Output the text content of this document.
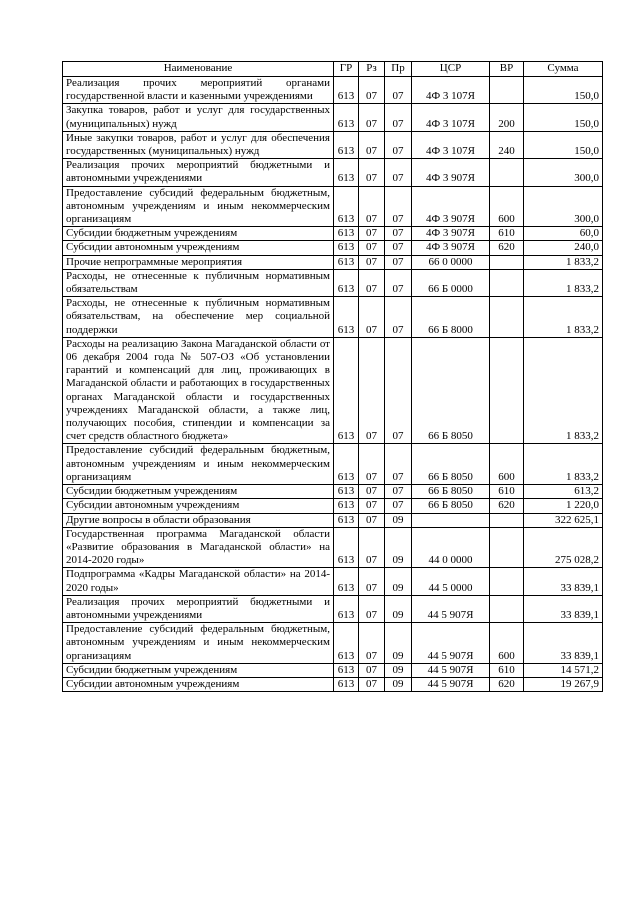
Наименование	ГР	Рз	Пр	ЦСР	ВР	Сумма
Реализация прочих мероприятий органами государственной власти и казенными учреждениями	613	07	07	4Ф 3 107Я		150,0
Закупка товаров, работ и услуг для государственных (муниципальных) нужд	613	07	07	4Ф 3 107Я	200	150,0
Иные закупки товаров, работ и услуг для обеспечения государственных (муниципальных) нужд	613	07	07	4Ф 3 107Я	240	150,0
Реализация прочих мероприятий бюджетными и автономными учреждениями	613	07	07	4Ф 3 907Я		300,0
Предоставление субсидий федеральным бюджетным, автономным учреждениям и иным некоммерческим организациям	613	07	07	4Ф 3 907Я	600	300,0
Субсидии бюджетным учреждениям	613	07	07	4Ф 3 907Я	610	60,0
Субсидии автономным учреждениям	613	07	07	4Ф 3 907Я	620	240,0
Прочие непрограммные мероприятия	613	07	07	66 0 0000		1 833,2
Расходы, не отнесенные к публичным нормативным обязательствам	613	07	07	66 Б 0000		1 833,2
Расходы, не отнесенные к публичным нормативным обязательствам, на обеспечение мер социальной поддержки	613	07	07	66 Б 8000		1 833,2
Расходы на реализацию Закона Магаданской области от 06 декабря 2004 года № 507-ОЗ «Об установлении гарантий и компенсаций для лиц, проживающих в Магаданской области и работающих в государственных органах Магаданской области и государственных учреждениях Магаданской области, а также лиц, получающих пособия, стипендии и компенсации за счет средств областного бюджета»	613	07	07	66 Б 8050		1 833,2
Предоставление субсидий федеральным бюджетным, автономным учреждениям и иным некоммерческим организациям	613	07	07	66 Б 8050	600	1 833,2
Субсидии бюджетным учреждениям	613	07	07	66 Б 8050	610	613,2
Субсидии автономным учреждениям	613	07	07	66 Б 8050	620	1 220,0
Другие вопросы в области образования	613	07	09			322 625,1
Государственная программа Магаданской области «Развитие образования в Магаданской области» на 2014-2020 годы»	613	07	09	44 0 0000		275 028,2
Подпрограмма «Кадры Магаданской области» на 2014-2020 годы»	613	07	09	44 5 0000		33 839,1
Реализация прочих мероприятий бюджетными и автономными учреждениями	613	07	09	44 5 907Я		33 839,1
Предоставление субсидий федеральным бюджетным, автономным учреждениям и иным некоммерческим организациям	613	07	09	44 5 907Я	600	33 839,1
Субсидии бюджетным учреждениям	613	07	09	44 5 907Я	610	14 571,2
Субсидии автономным учреждениям	613	07	09	44 5 907Я	620	19 267,9
